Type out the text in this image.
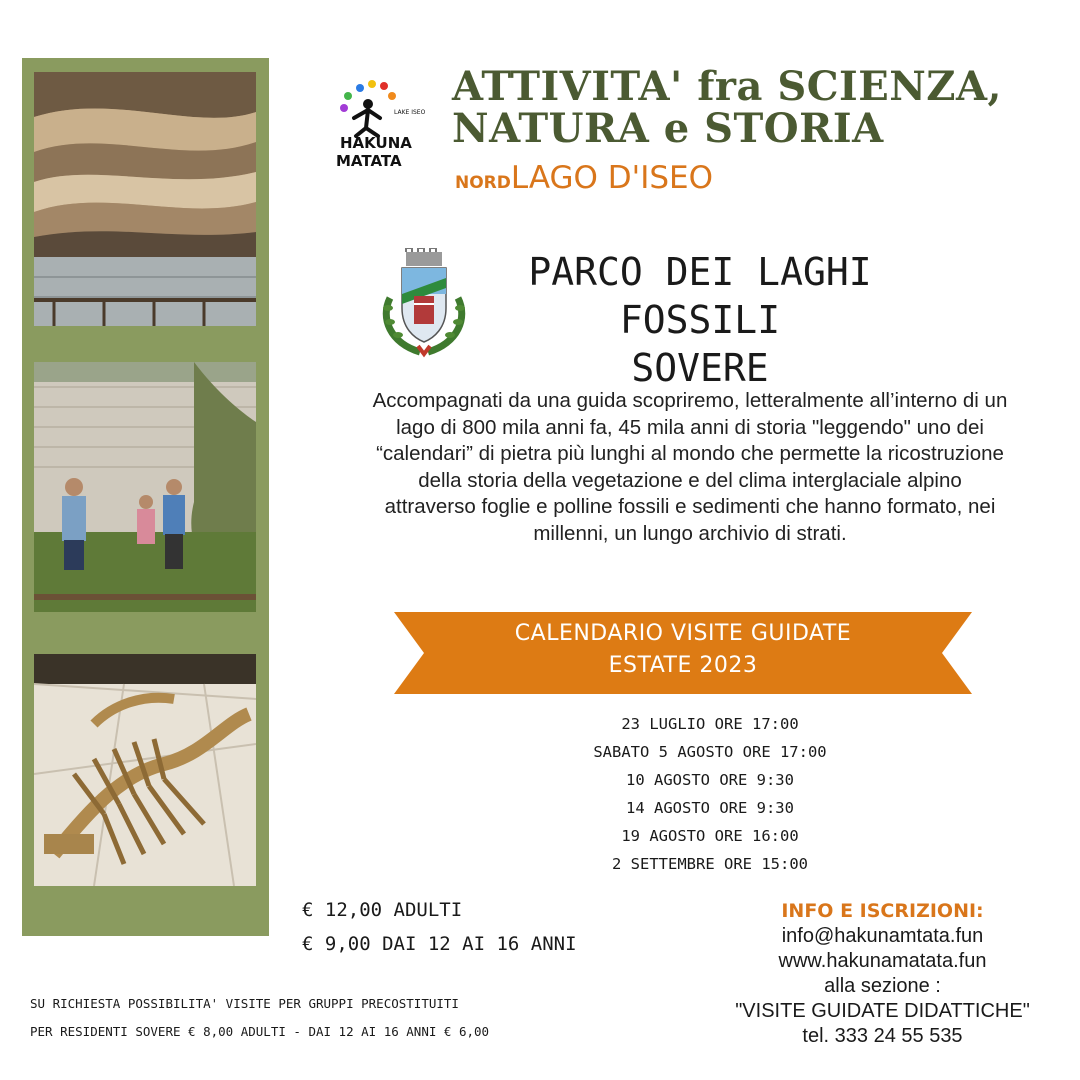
LAKE ISEO
HAKUNA
MATATA
ATTIVITA' fra SCIENZA,
NATURA e STORIA
NORDLAGO D'ISEO
PARCO DEI LAGHI FOSSILI
SOVERE
Accompagnati da una guida scopriremo, letteralmente all’interno di un lago di 800 mila anni fa, 45 mila anni di storia "leggendo" uno dei “calendari” di pietra più lunghi al mondo che permette la ricostruzione della storia della vegetazione e del clima interglaciale alpino attraverso foglie e polline fossili e sedimenti che hanno formato, nei millenni, un lungo archivio di strati.
CALENDARIO VISITE GUIDATE
ESTATE 2023
23 LUGLIO ORE 17:00
SABATO 5 AGOSTO ORE 17:00
10 AGOSTO ORE 9:30
14 AGOSTO ORE 9:30
19 AGOSTO ORE 16:00
2 SETTEMBRE ORE 15:00
€ 12,00 ADULTI
€ 9,00 DAI 12 AI 16 ANNI
SU RICHIESTA POSSIBILITA' VISITE PER GRUPPI PRECOSTITUITI
PER RESIDENTI SOVERE € 8,00 ADULTI - DAI 12 AI 16 ANNI € 6,00
INFO E ISCRIZIONI:
info@hakunamtata.fun
www.hakunamatata.fun
alla sezione :
"VISITE GUIDATE DIDATTICHE"
tel. 333 24 55 535
